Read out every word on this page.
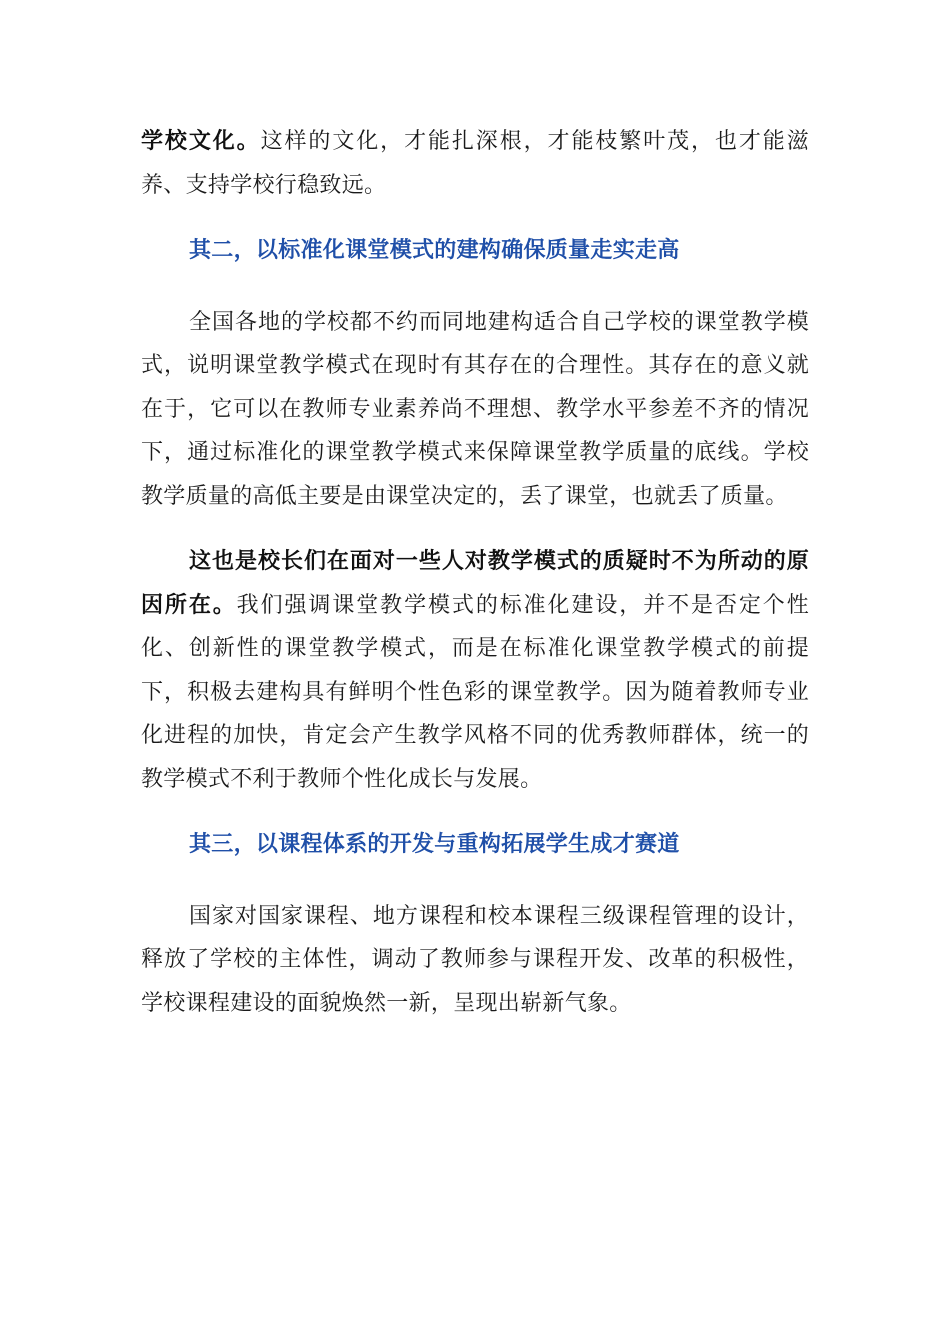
学校文化。这样的文化，才能扎深根，才能枝繁叶茂，也才能滋养、支持学校行稳致远。

其二，以标准化课堂模式的建构确保质量走实走高

全国各地的学校都不约而同地建构适合自己学校的课堂教学模式，说明课堂教学模式在现时有其存在的合理性。其存在的意义就在于，它可以在教师专业素养尚不理想、教学水平参差不齐的情况下，通过标准化的课堂教学模式来保障课堂教学质量的底线。学校教学质量的高低主要是由课堂决定的，丢了课堂，也就丢了质量。

这也是校长们在面对一些人对教学模式的质疑时不为所动的原因所在。我们强调课堂教学模式的标准化建设，并不是否定个性化、创新性的课堂教学模式，而是在标准化课堂教学模式的前提下，积极去建构具有鲜明个性色彩的课堂教学。因为随着教师专业化进程的加快，肯定会产生教学风格不同的优秀教师群体，统一的教学模式不利于教师个性化成长与发展。

其三，以课程体系的开发与重构拓展学生成才赛道

国家对国家课程、地方课程和校本课程三级课程管理的设计，释放了学校的主体性，调动了教师参与课程开发、改革的积极性，学校课程建设的面貌焕然一新，呈现出崭新气象。
